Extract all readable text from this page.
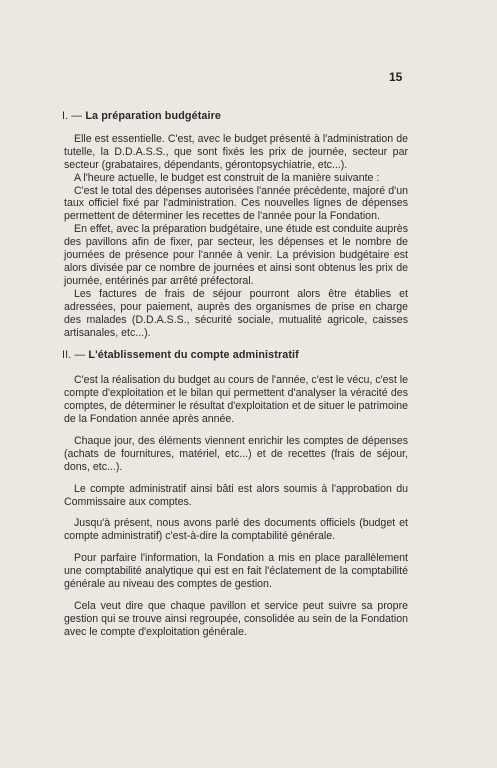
15
I. — La préparation budgétaire

Elle est essentielle. C'est, avec le budget présenté à l'administration de tutelle, la D.D.A.S.S., que sont fixés les prix de journée, secteur par secteur (grabataires, dépendants, gérontopsychiatrie, etc...).

A l'heure actuelle, le budget est construit de la manière suivante :

C'est le total des dépenses autorisées l'année précédente, majoré d'un taux officiel fixé par l'administration. Ces nouvelles lignes de dépenses permettent de déterminer les recettes de l'année pour la Fondation.

En effet, avec la préparation budgétaire, une étude est conduite auprès des pavillons afin de fixer, par secteur, les dépenses et le nombre de journées de présence pour l'année à venir. La prévision budgétaire est alors divisée par ce nombre de journées et ainsi sont obtenus les prix de journée, entérinés par arrêté préfectoral.

Les factures de frais de séjour pourront alors être établies et adressées, pour paiement, auprès des organismes de prise en charge des malades (D.D.A.S.S., sécurité sociale, mutualité agricole, caisses artisanales, etc...).

II. — L'établissement du compte administratif

C'est la réalisation du budget au cours de l'année, c'est le vécu, c'est le compte d'exploitation et le bilan qui permettent d'analyser la véracité des comptes, de déterminer le résultat d'exploitation et de situer le patrimoine de la Fondation année après année.

Chaque jour, des éléments viennent enrichir les comptes de dépenses (achats de fournitures, matériel, etc...) et de recettes (frais de séjour, dons, etc...).

Le compte administratif ainsi bâti est alors soumis à l'approbation du Commissaire aux comptes.

Jusqu'à présent, nous avons parlé des documents officiels (budget et compte administratif) c'est-à-dire la comptabilité générale.

Pour parfaire l'information, la Fondation a mis en place parallèlement une comptabilité analytique qui est en fait l'éclatement de la comptabilité générale au niveau des comptes de gestion.

Cela veut dire que chaque pavillon et service peut suivre sa propre gestion qui se trouve ainsi regroupée, consolidée au sein de la Fondation avec le compte d'exploitation générale.
